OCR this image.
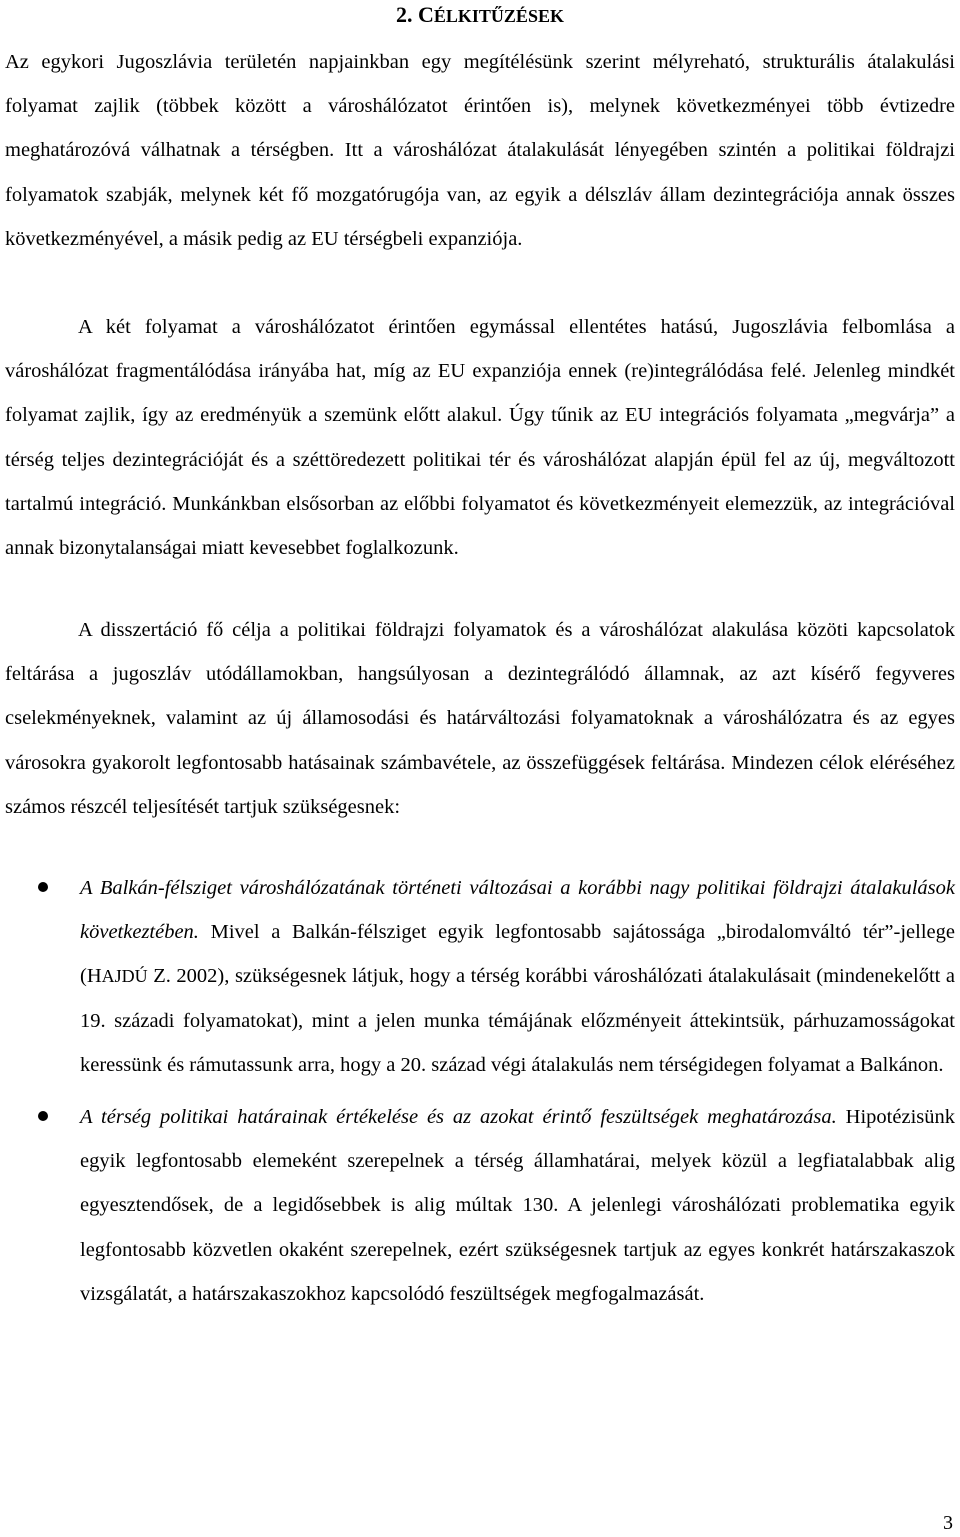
2. CÉLKITŰZÉSEK
Az egykori Jugoszlávia területén napjainkban egy megítélésünk szerint mélyreható, strukturális átalakulási folyamat zajlik (többek között a városhálózatot érintően is), melynek következményei több évtizedre meghatározóvá válhatnak a térségben. Itt a városhálózat átalakulását lényegében szintén a politikai földrajzi folyamatok szabják, melynek két fő mozgatórugója van, az egyik a délszláv állam dezintegrációja annak összes következményével, a másik pedig az EU térségbeli expanziója.
A két folyamat a városhálózatot érintően egymással ellentétes hatású, Jugoszlávia felbomlása a városhálózat fragmentálódása irányába hat, míg az EU expanziója ennek (re)integrálódása felé. Jelenleg mindkét folyamat zajlik, így az eredményük a szemünk előtt alakul. Úgy tűnik az EU integrációs folyamata „megvárja” a térség teljes dezintegrációját és a széttöredezett politikai tér és városhálózat alapján épül fel az új, megváltozott tartalmú integráció. Munkánkban elsősorban az előbbi folyamatot és következményeit elemezzük, az integrációval annak bizonytalanságai miatt kevesebbet foglalkozunk.
A disszertáció fő célja a politikai földrajzi folyamatok és a városhálózat alakulása közöti kapcsolatok feltárása a jugoszláv utódállamokban, hangsúlyosan a dezintegrálódó államnak, az azt kísérő fegyveres cselekményeknek, valamint az új államosodási és határváltozási folyamatoknak a városhálózatra és az egyes városokra gyakorolt legfontosabb hatásainak számbavétele, az összefüggések feltárása. Mindezen célok eléréséhez számos részcél teljesítését tartjuk szükségesnek:
A Balkán-félsziget városhálózatának történeti változásai a korábbi nagy politikai földrajzi átalakulások következtében. Mivel a Balkán-félsziget egyik legfontosabb sajátossága „birodalomváltó tér”-jellege (HAJDÚ Z. 2002), szükségesnek látjuk, hogy a térség korábbi városhálózati átalakulásait (mindenekelőtt a 19. századi folyamatokat), mint a jelen munka témájának előzményeit áttekintsük, párhuzamosságokat keressünk és rámutassunk arra, hogy a 20. század végi átalakulás nem térségidegen folyamat a Balkánon.
A térség politikai határainak értékelése és az azokat érintő feszültségek meghatározása. Hipotézisünk egyik legfontosabb elemeként szerepelnek a térség államhatárai, melyek közül a legfiatalabbak alig egyesztendősek, de a legidősebbek is alig múltak 130. A jelenlegi városhálózati problematika egyik legfontosabb közvetlen okaként szerepelnek, ezért szükségesnek tartjuk az egyes konkrét határszakaszok vizsgálatát, a határszakaszokhoz kapcsolódó feszültségek megfogalmazását.
3
